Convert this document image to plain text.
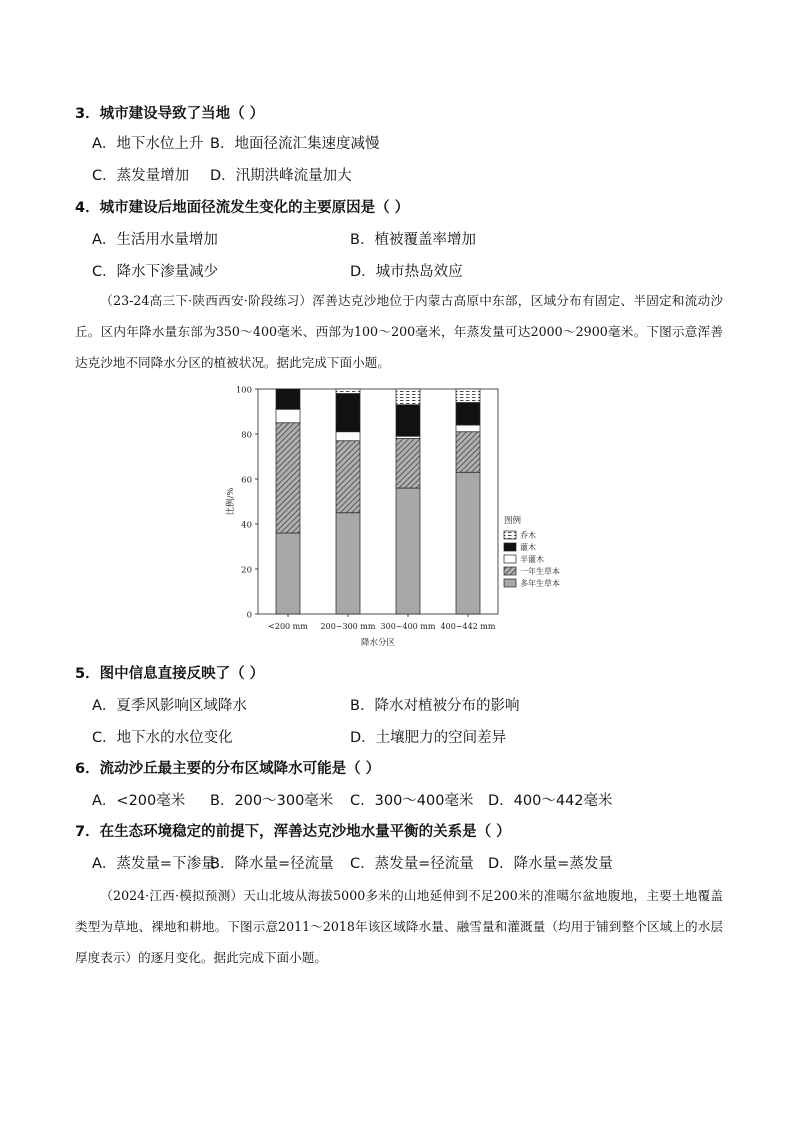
3．城市建设导致了当地（ ）
A．地下水位上升 B．地面径流汇集速度减慢
C．蒸发量增加 D．汛期洪峰流量加大
4．城市建设后地面径流发生变化的主要原因是（ ）
A．生活用水量增加	B．植被覆盖率增加
C．降水下渗量减少	D．城市热岛效应
（23-24高三下·陕西西安·阶段练习）浑善达克沙地位于内蒙古高原中东部，区域分布有固定、半固定和流动沙丘。区内年降水量东部为350～400毫米、西部为100～200毫米，年蒸发量可达2000～2900毫米。下图示意浑善达克沙地不同降水分区的植被状况。据此完成下面小题。
0
20
40
60
80
100
比例/%
<200 mm 200~300 mm 300~400 mm 400~442 mm
降水分区
图例
乔木
灌木
半灌木
一年生草本
多年生草本
5．图中信息直接反映了（ ）
A．夏季风影响区域降水	B．降水对植被分布的影响
C．地下水的水位变化	D．土壤肥力的空间差异
6．流动沙丘最主要的分布区域降水可能是（ ）
A．<200毫米 B．200～300毫米 C．300～400毫米 D．400～442毫米
7．在生态环境稳定的前提下，浑善达克沙地水量平衡的关系是（ ）
A．蒸发量=下渗量
B．降水量=径流量 C．蒸发量=径流量 D．降水量=蒸发量
（2024·江西·模拟预测）天山北坡从海拔5000多米的山地延伸到不足200米的准噶尔盆地腹地，主要土地覆盖类型为草地、裸地和耕地。下图示意2011～2018年该区域降水量、融雪量和灌溉量（均用于铺到整个区域上的水层厚度表示）的逐月变化。据此完成下面小题。
